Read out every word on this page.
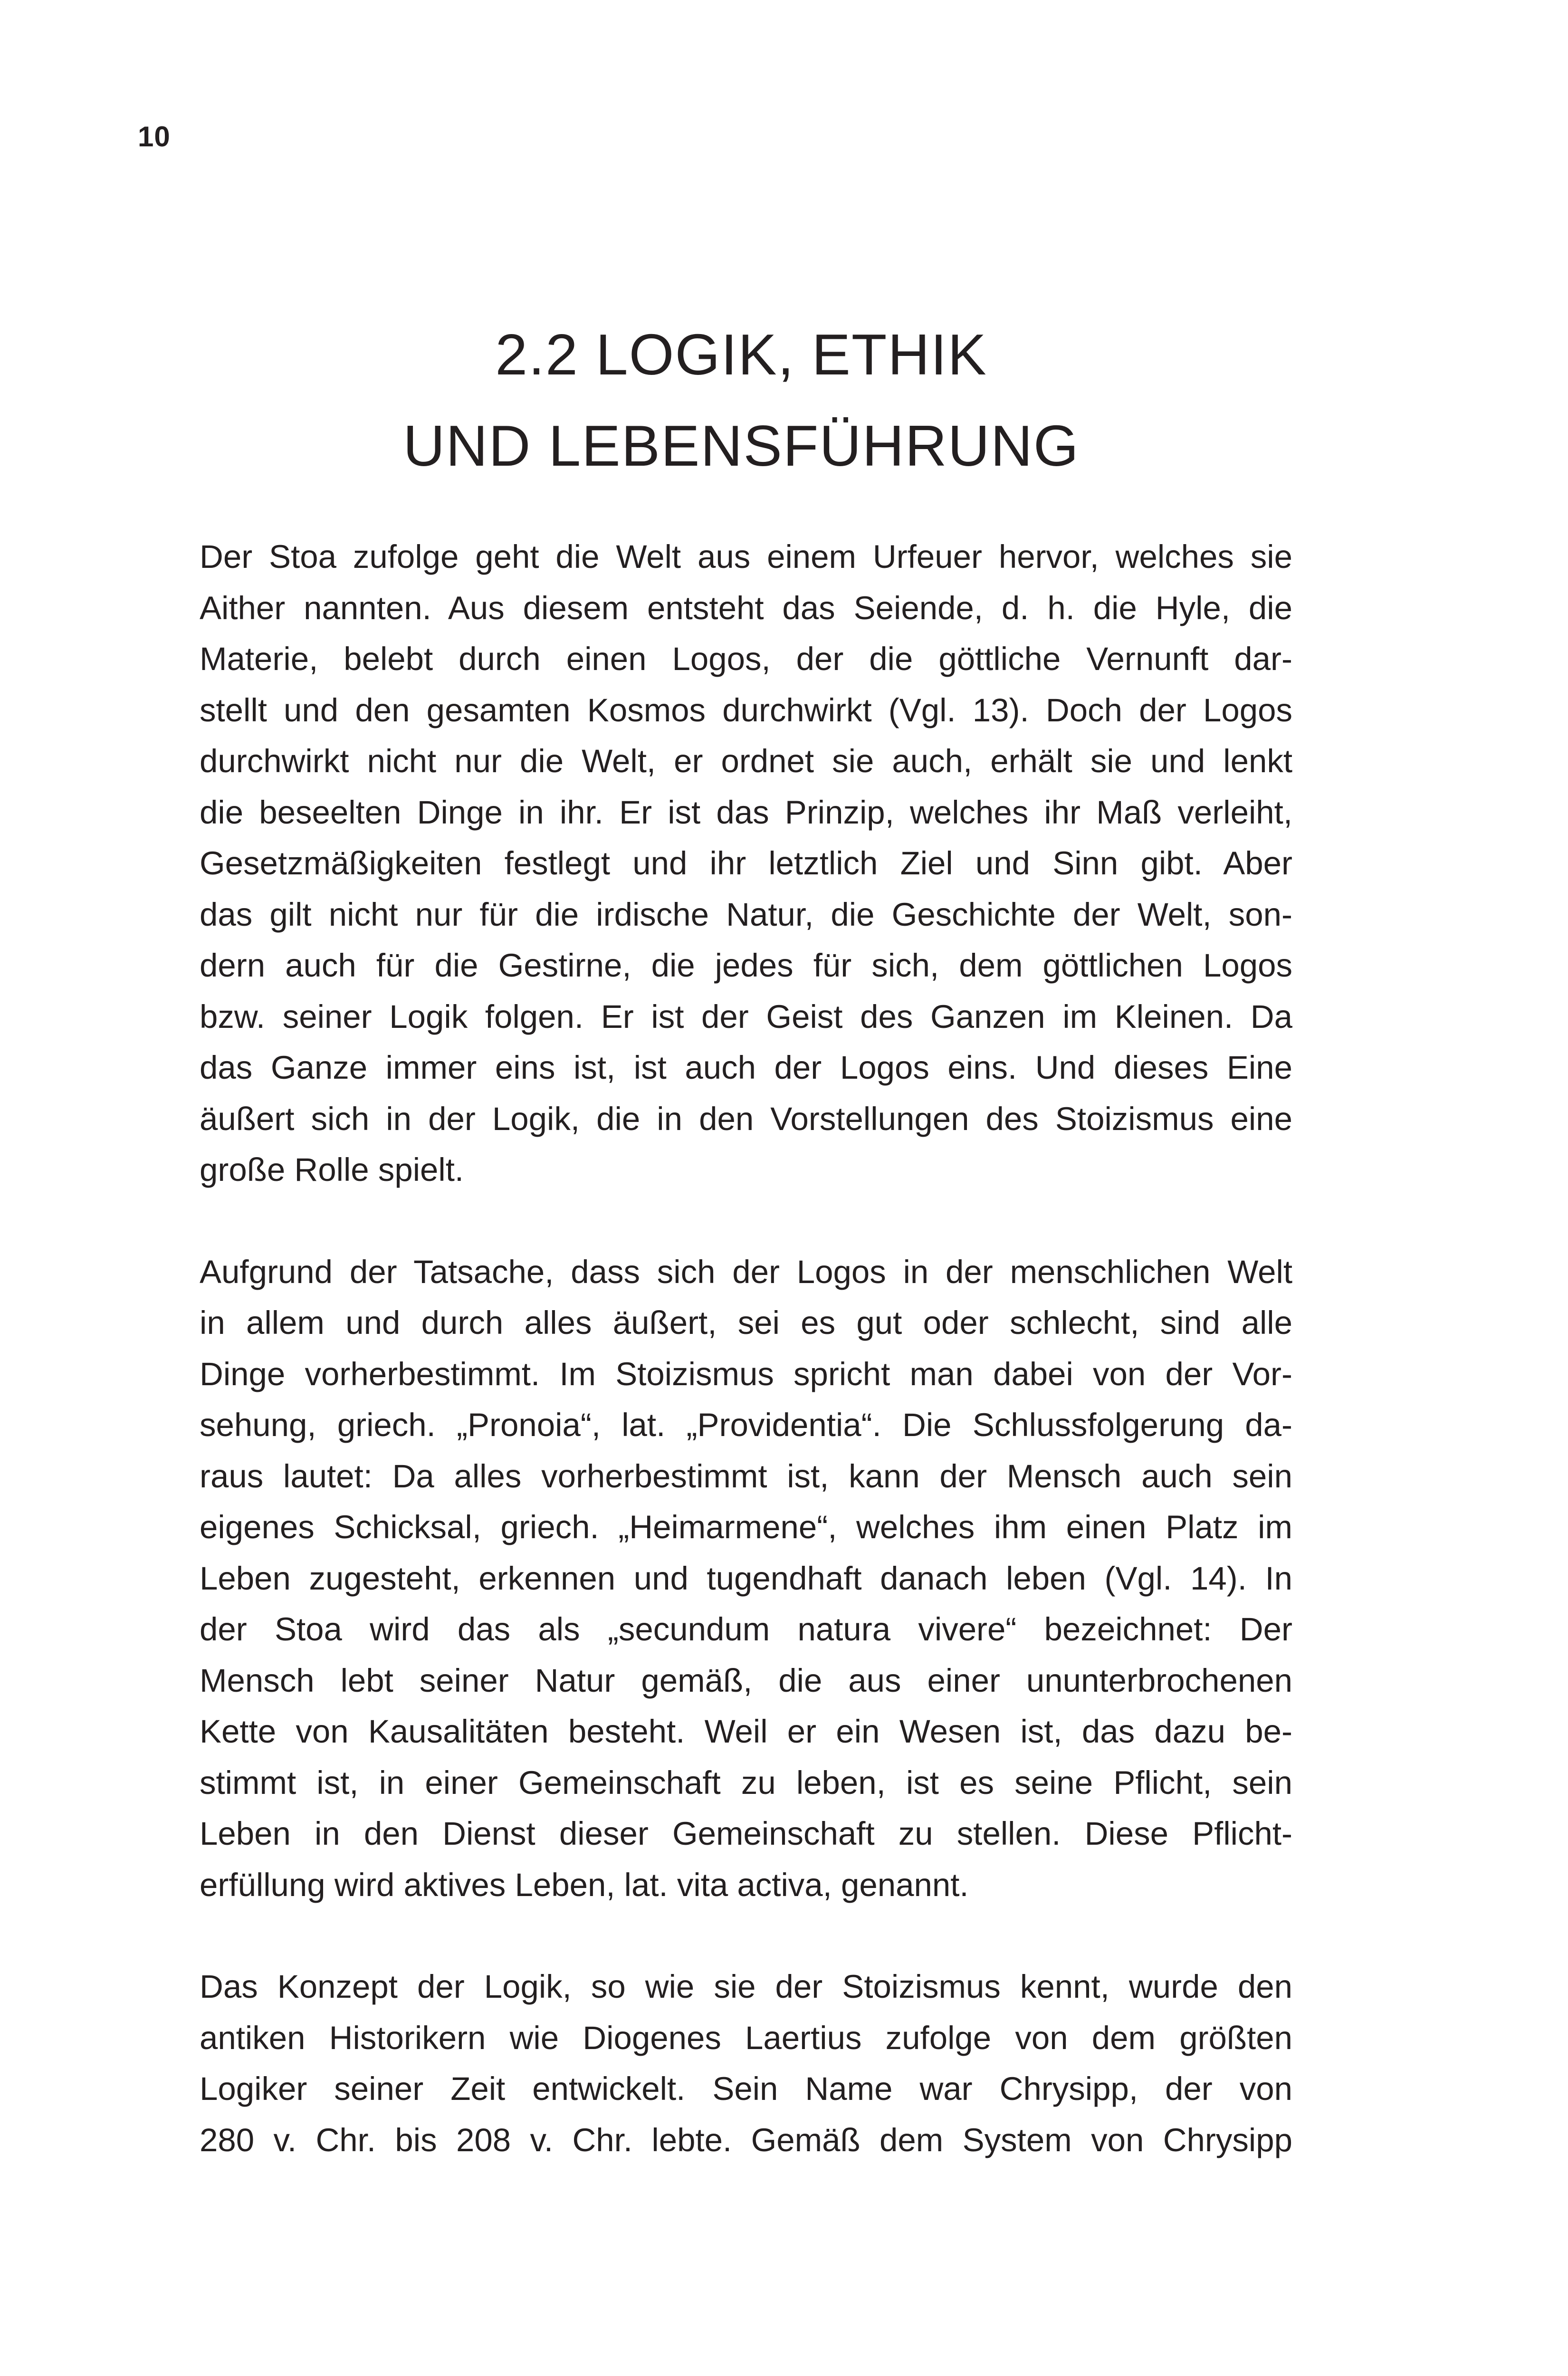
10
2.2 LOGIK, ETHIK
UND LEBENSFÜHRUNG

Der Stoa zufolge geht die Welt aus einem Urfeuer hervor, welches sie
Aither nannten. Aus diesem entsteht das Seiende, d. h. die Hyle, die
Materie, belebt durch einen Logos, der die göttliche Vernunft dar-
stellt und den gesamten Kosmos durchwirkt (Vgl. 13). Doch der Logos
durchwirkt nicht nur die Welt, er ordnet sie auch, erhält sie und lenkt
die beseelten Dinge in ihr. Er ist das Prinzip, welches ihr Maß verleiht,
Gesetzmäßigkeiten festlegt und ihr letztlich Ziel und Sinn gibt. Aber
das gilt nicht nur für die irdische Natur, die Geschichte der Welt, son-
dern auch für die Gestirne, die jedes für sich, dem göttlichen Logos
bzw. seiner Logik folgen. Er ist der Geist des Ganzen im Kleinen. Da
das Ganze immer eins ist, ist auch der Logos eins. Und dieses Eine
äußert sich in der Logik, die in den Vorstellungen des Stoizismus eine
große Rolle spielt.

Aufgrund der Tatsache, dass sich der Logos in der menschlichen Welt
in allem und durch alles äußert, sei es gut oder schlecht, sind alle
Dinge vorherbestimmt. Im Stoizismus spricht man dabei von der Vor-
sehung, griech. „Pronoia“, lat. „Providentia“. Die Schlussfolgerung da-
raus lautet: Da alles vorherbestimmt ist, kann der Mensch auch sein
eigenes Schicksal, griech. „Heimarmene“, welches ihm einen Platz im
Leben zugesteht, erkennen und tugendhaft danach leben (Vgl. 14). In
der Stoa wird das als „secundum natura vivere“ bezeichnet: Der
Mensch lebt seiner Natur gemäß, die aus einer ununterbrochenen
Kette von Kausalitäten besteht. Weil er ein Wesen ist, das dazu be-
stimmt ist, in einer Gemeinschaft zu leben, ist es seine Pflicht, sein
Leben in den Dienst dieser Gemeinschaft zu stellen. Diese Pflicht-
erfüllung wird aktives Leben, lat. vita activa, genannt.

Das Konzept der Logik, so wie sie der Stoizismus kennt, wurde den
antiken Historikern wie Diogenes Laertius zufolge von dem größten
Logiker seiner Zeit entwickelt. Sein Name war Chrysipp, der von
280 v. Chr. bis 208 v. Chr. lebte. Gemäß dem System von Chrysipp
